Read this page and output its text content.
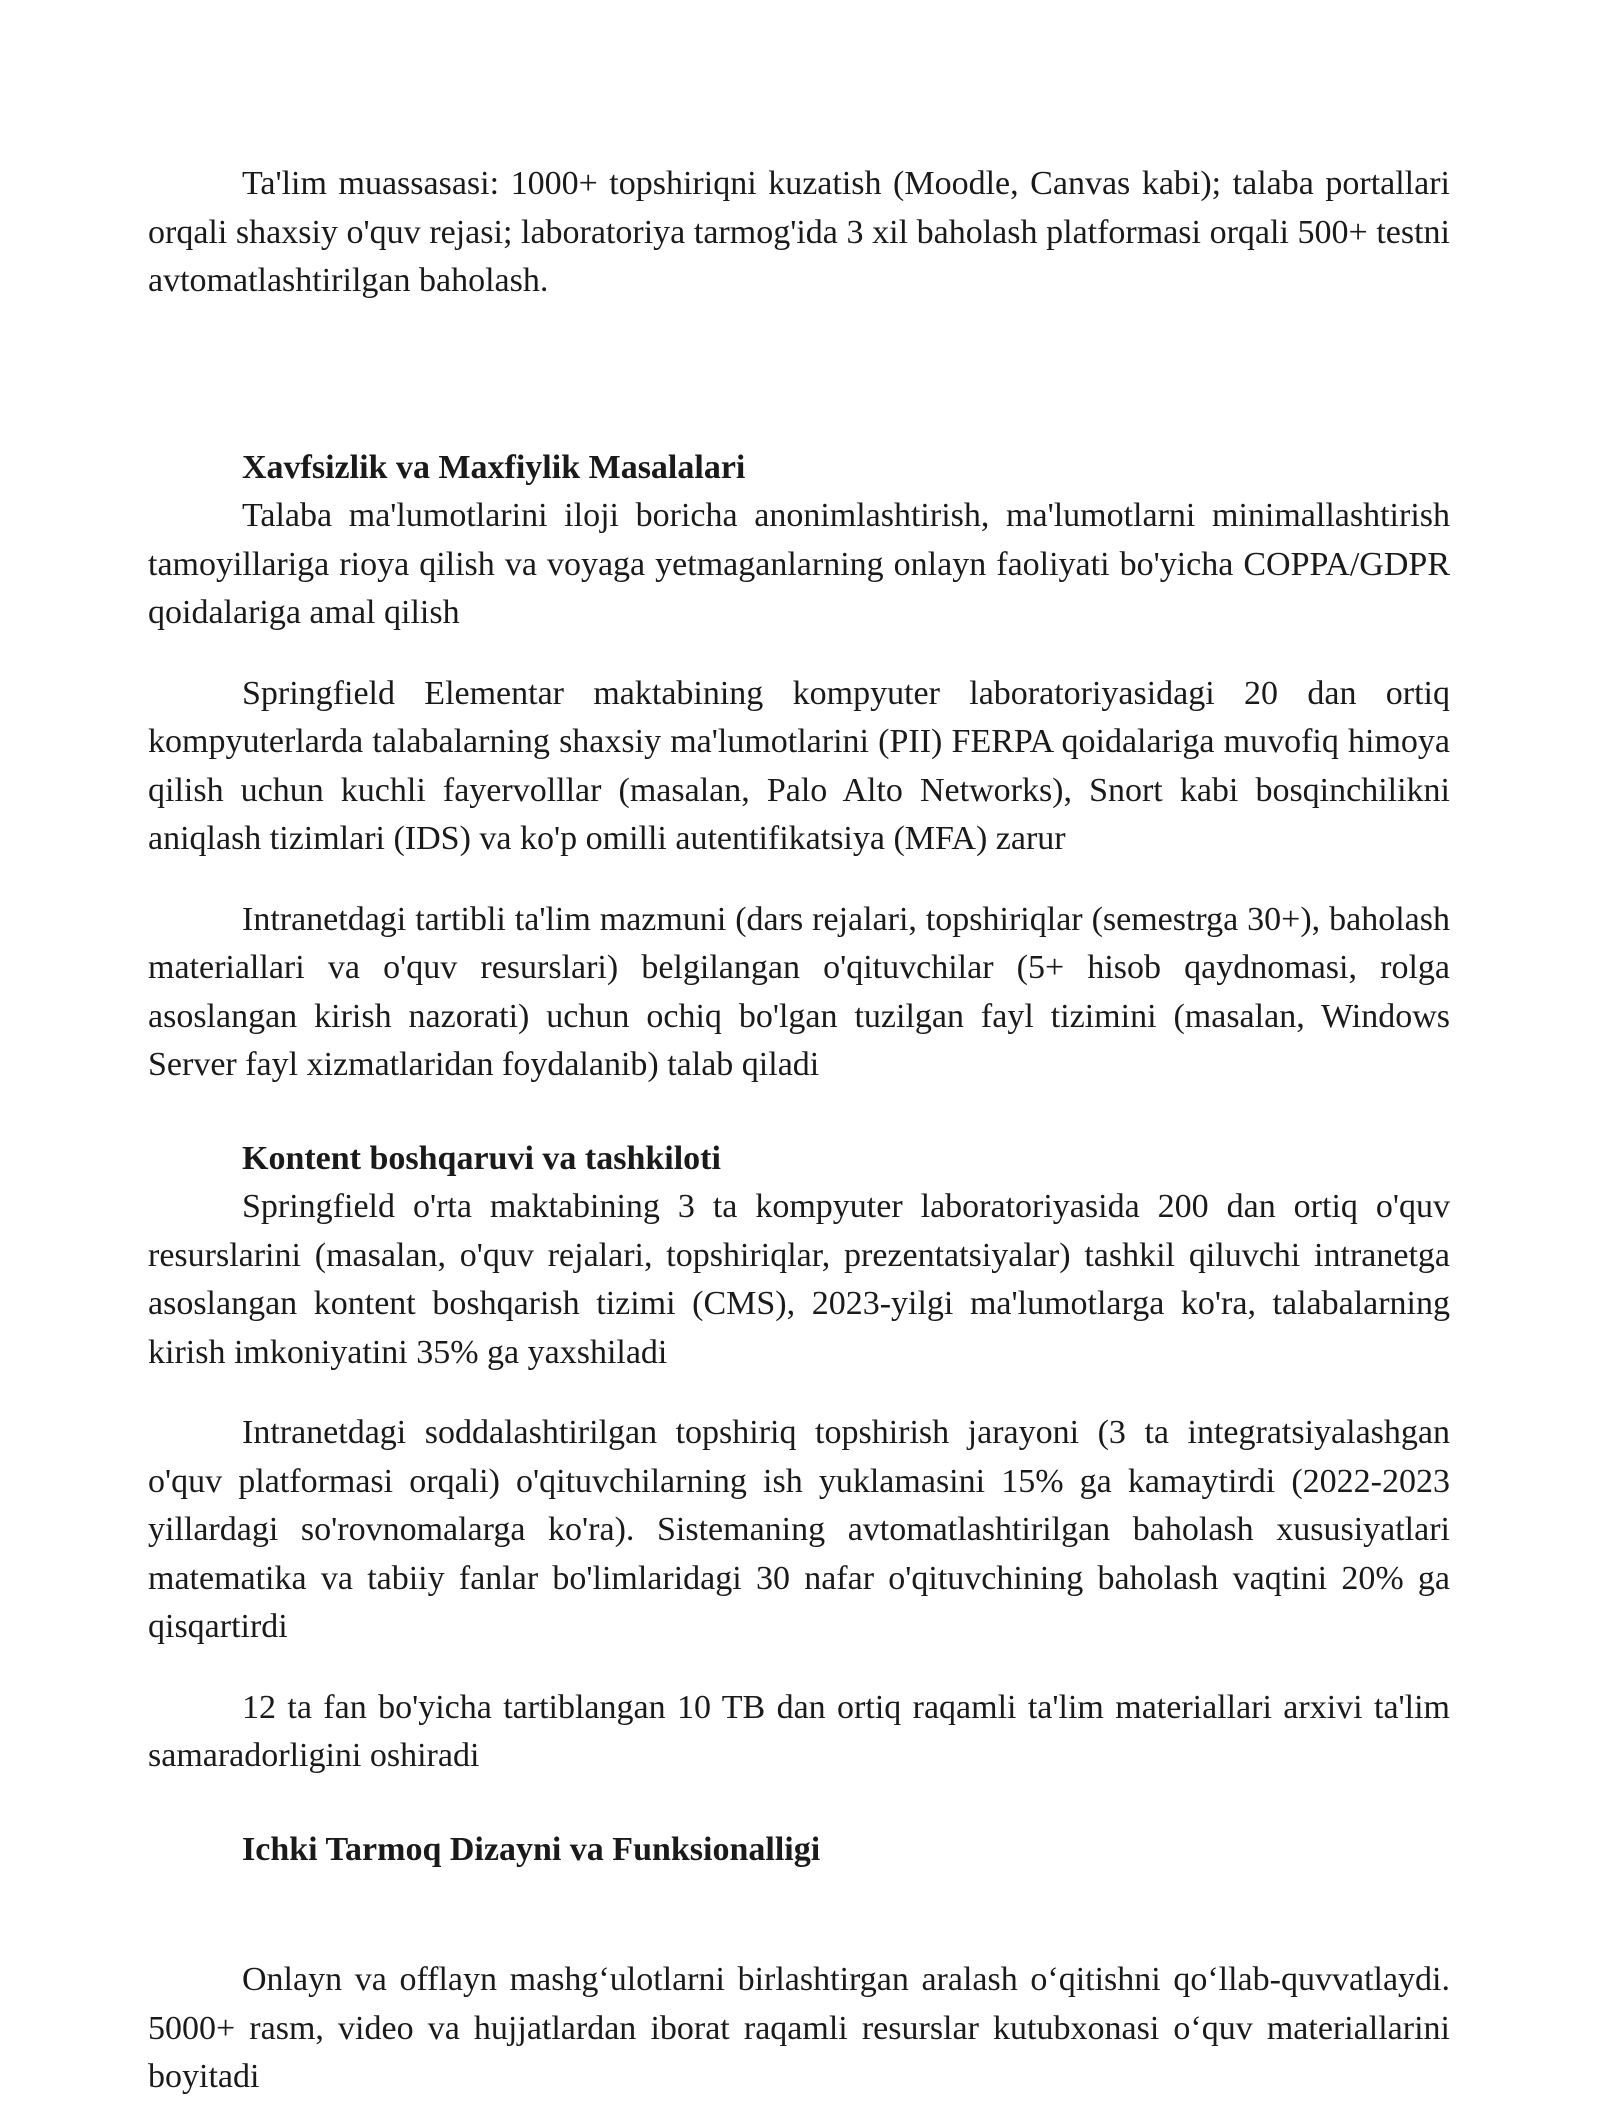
Ta'lim muassasasi: 1000+ topshiriqni kuzatish (Moodle, Canvas kabi); talaba portallari orqali shaxsiy o'quv rejasi; laboratoriya tarmog'ida 3 xil baholash platformasi orqali 500+ testni avtomatlashtirilgan baholash.

Xavfsizlik va Maxfiylik Masalalari

Talaba ma'lumotlarini iloji boricha anonimlashtirish, ma'lumotlarni minimallashtirish tamoyillariga rioya qilish va voyaga yetmaganlarning onlayn faoliyati bo'yicha COPPA/GDPR qoidalariga amal qilish

Springfield Elementar maktabining kompyuter laboratoriyasidagi 20 dan ortiq kompyuterlarda talabalarning shaxsiy ma'lumotlarini (PII) FERPA qoidalariga muvofiq himoya qilish uchun kuchli fayervolllar (masalan, Palo Alto Networks), Snort kabi bosqinchilikni aniqlash tizimlari (IDS) va ko'p omilli autentifikatsiya (MFA) zarur

Intranetdagi tartibli ta'lim mazmuni (dars rejalari, topshiriqlar (semestrga 30+), baholash materiallari va o'quv resurslari) belgilangan o'qituvchilar (5+ hisob qaydnomasi, rolga asoslangan kirish nazorati) uchun ochiq bo'lgan tuzilgan fayl tizimini (masalan, Windows Server fayl xizmatlaridan foydalanib) talab qiladi

Kontent boshqaruvi va tashkiloti

Springfield o'rta maktabining 3 ta kompyuter laboratoriyasida 200 dan ortiq o'quv resurslarini (masalan, o'quv rejalari, topshiriqlar, prezentatsiyalar) tashkil qiluvchi intranetga asoslangan kontent boshqarish tizimi (CMS), 2023-yilgi ma'lumotlarga ko'ra, talabalarning kirish imkoniyatini 35% ga yaxshiladi

Intranetdagi soddalashtirilgan topshiriq topshirish jarayoni (3 ta integratsiyalashgan o'quv platformasi orqali) o'qituvchilarning ish yuklamasini 15% ga kamaytirdi (2022-2023 yillardagi so'rovnomalarga ko'ra). Sistemaning avtomatlashtirilgan baholash xususiyatlari matematika va tabiiy fanlar bo'limlaridagi 30 nafar o'qituvchining baholash vaqtini 20% ga qisqartirdi

12 ta fan bo'yicha tartiblangan 10 TB dan ortiq raqamli ta'lim materiallari arxivi ta'lim samaradorligini oshiradi

Ichki Tarmoq Dizayni va Funksionalligi

Onlayn va offlayn mashg‘ulotlarni birlashtirgan aralash o‘qitishni qo‘llab-quvvatlaydi. 5000+ rasm, video va hujjatlardan iborat raqamli resurslar kutubxonasi o‘quv materiallarini boyitadi
